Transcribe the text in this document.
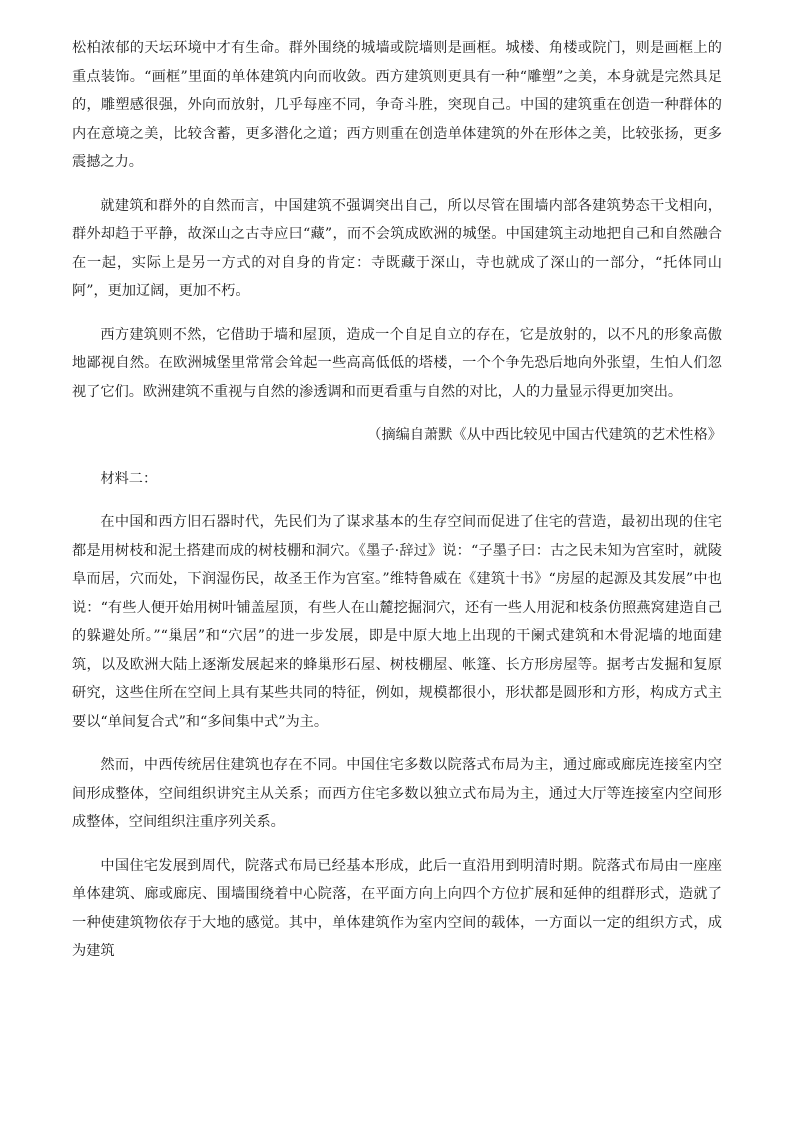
松柏浓郁的天坛环境中才有生命。群外围绕的城墙或院墙则是画框。城楼、角楼或院门，则是画框上的重点装饰。“画框”里面的单体建筑内向而收敛。西方建筑则更具有一种“雕塑”之美，本身就是完然具足的，雕塑感很强，外向而放射，几乎每座不同，争奇斗胜，突现自己。中国的建筑重在创造一种群体的内在意境之美，比较含蓄，更多潜化之道；西方则重在创造单体建筑的外在形体之美，比较张扬，更多震撼之力。

就建筑和群外的自然而言，中国建筑不强调突出自己，所以尽管在围墙内部各建筑势态干戈相向，群外却趋于平静，故深山之古寺应曰“藏”，而不会筑成欧洲的城堡。中国建筑主动地把自己和自然融合在一起，实际上是另一方式的对自身的肯定：寺既藏于深山，寺也就成了深山的一部分，“托体同山阿”，更加辽阔，更加不朽。

西方建筑则不然，它借助于墙和屋顶，造成一个自足自立的存在，它是放射的，以不凡的形象高傲地鄙视自然。在欧洲城堡里常常会耸起一些高高低低的塔楼，一个个争先恐后地向外张望，生怕人们忽视了它们。欧洲建筑不重视与自然的渗透调和而更看重与自然的对比，人的力量显示得更加突出。

（摘编自萧默《从中西比较见中国古代建筑的艺术性格》

材料二：

在中国和西方旧石器时代，先民们为了谋求基本的生存空间而促进了住宅的营造，最初出现的住宅都是用树枝和泥土搭建而成的树枝棚和洞穴。《墨子·辞过》说：“子墨子曰：古之民未知为宫室时，就陵阜而居，穴而处，下润湿伤民，故圣王作为宫室。”维特鲁威在《建筑十书》“房屋的起源及其发展”中也说：“有些人便开始用树叶铺盖屋顶，有些人在山麓挖掘洞穴，还有一些人用泥和枝条仿照燕窝建造自己的躲避处所。”“巢居”和“穴居”的进一步发展，即是中原大地上出现的干阑式建筑和木骨泥墙的地面建筑，以及欧洲大陆上逐渐发展起来的蜂巢形石屋、树枝棚屋、帐篷、长方形房屋等。据考古发掘和复原研究，这些住所在空间上具有某些共同的特征，例如，规模都很小，形状都是圆形和方形，构成方式主要以“单间复合式”和“多间集中式”为主。

然而，中西传统居住建筑也存在不同。中国住宅多数以院落式布局为主，通过廊或廊庑连接室内空间形成整体，空间组织讲究主从关系；而西方住宅多数以独立式布局为主，通过大厅等连接室内空间形成整体，空间组织注重序列关系。

中国住宅发展到周代，院落式布局已经基本形成，此后一直沿用到明清时期。院落式布局由一座座单体建筑、廊或廊庑、围墙围绕着中心院落，在平面方向上向四个方位扩展和延伸的组群形式，造就了一种使建筑物依存于大地的感觉。其中，单体建筑作为室内空间的载体，一方面以一定的组织方式，成为建筑
